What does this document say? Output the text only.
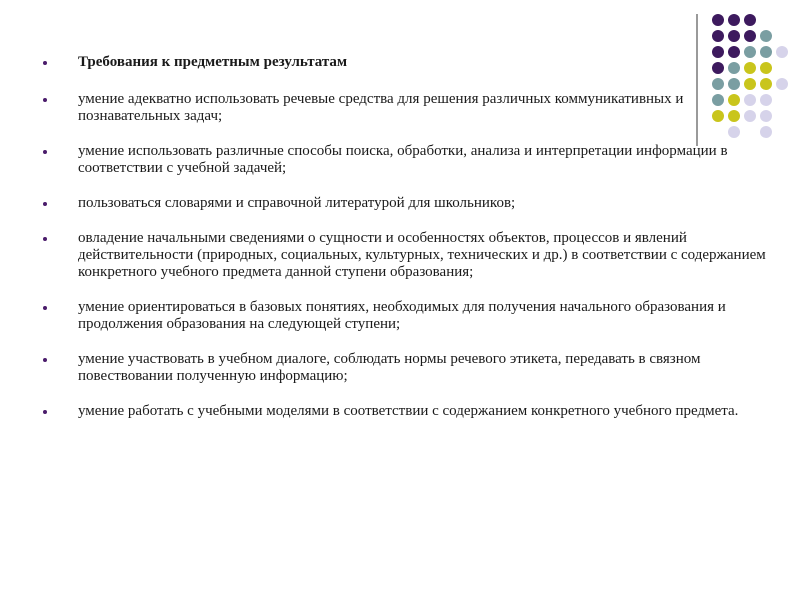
Требования к предметным результатам
умение адекватно использовать речевые средства для решения различных коммуникативных и познавательных задач;
умение использовать различные способы поиска, обработки, анализа и интерпретации информации в соответствии с учебной задачей;
пользоваться словарями и справочной литературой для школьников;
овладение начальными сведениями о сущности и особенностях объектов, процессов и явлений действительности (природных, социальных, культурных, технических и др.) в соответствии с содержанием конкретного учебного предмета данной ступени образования;
умение ориентироваться в базовых понятиях, необходимых для получения начального образования и продолжения образования на следующей ступени;
умение участвовать в учебном диалоге, соблюдать нормы речевого этикета, передавать в связном повествовании полученную информацию;
умение работать с учебными моделями в соответствии с содержанием конкретного учебного предмета.
